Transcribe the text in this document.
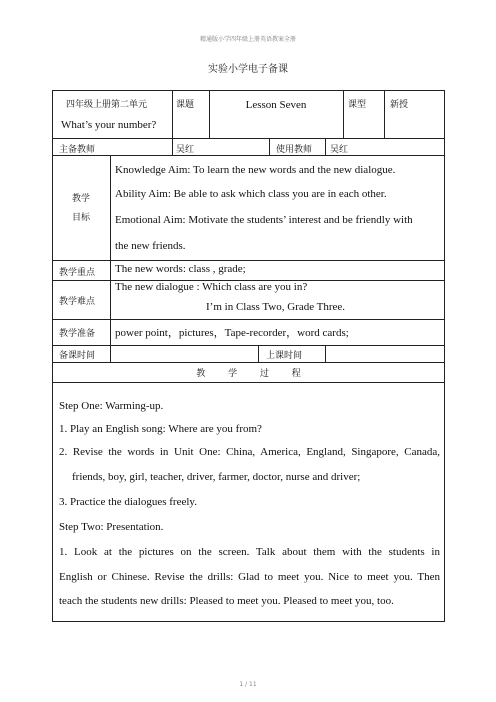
精通版小学四年级上册英语教案全册
实验小学电子备课
四年级上册第二单元
What’s your number?
课题	Lesson Seven	课型	新授
主备教师	吴红	使用教师 吴红
教学
目标
Knowledge Aim: To learn the new words and the new dialogue.
Ability Aim: Be able to ask which class you are in each other.
Emotional Aim: Motivate the students’ interest and be friendly with
the new friends.
教学重点 The new words: class , grade;
教学难点
The new dialogue : Which class are you in?
I’m in Class Two, Grade Three.
教学准备 power point，pictures，Tape-recorder，word cards;
备课时间	上课时间
教 学 过 程
Step One: Warming-up.
1. Play an English song: Where are you from?
2. Revise the words in Unit One: China, America, England, Singapore, Canada,
friends, boy, girl, teacher, driver, farmer, doctor, nurse and driver;
3. Practice the dialogues freely.
Step Two: Presentation.
1. Look at the pictures on the screen. Talk about them with the students in
English or Chinese. Revise the drills: Glad to meet you. Nice to meet you. Then
teach the students new drills: Pleased to meet you. Pleased to meet you, too.
1 / 11
